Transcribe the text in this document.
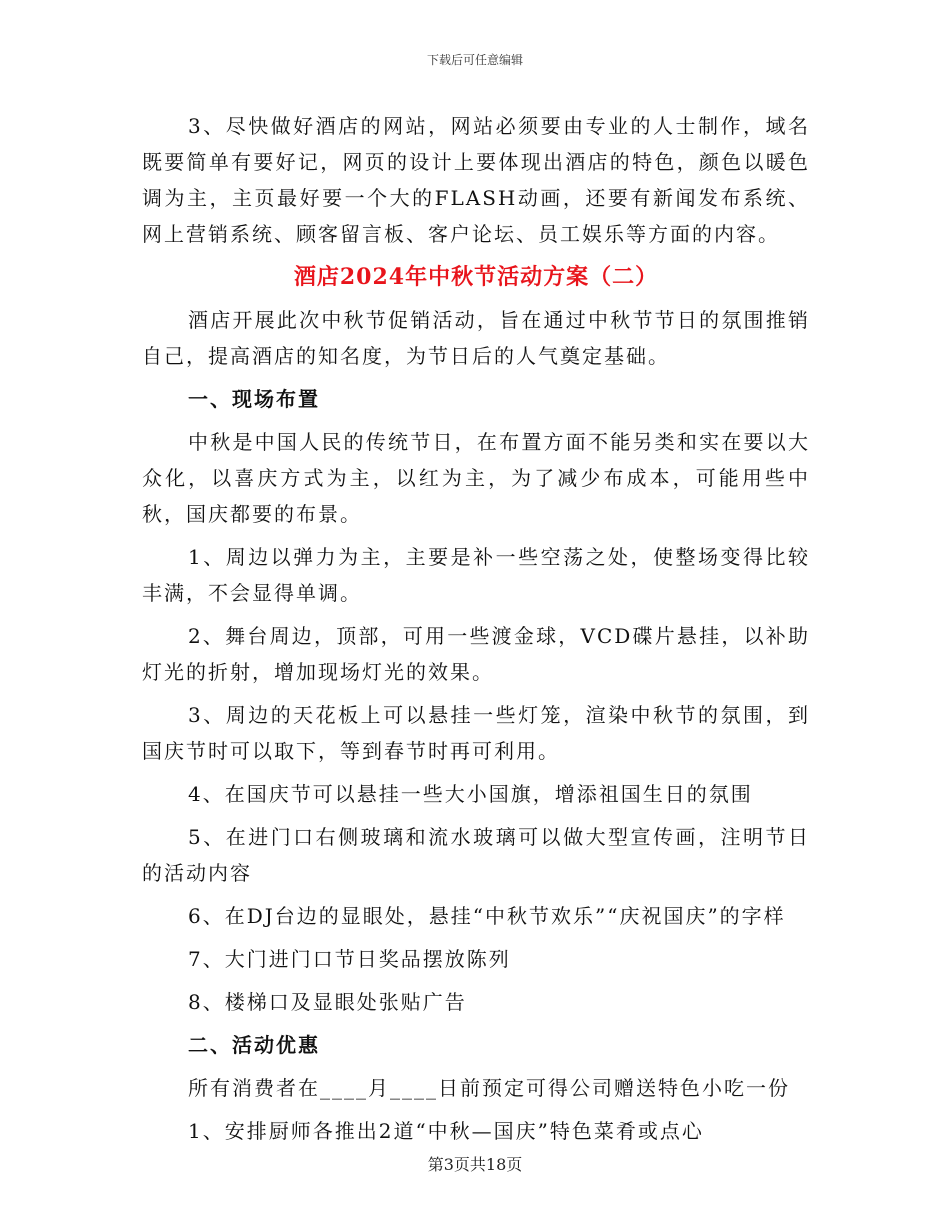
下载后可任意编辑

3、尽快做好酒店的网站，网站必须要由专业的人士制作，域名既要简单有要好记，网页的设计上要体现出酒店的特色，颜色以暖色调为主，主页最好要一个大的FLASH动画，还要有新闻发布系统、网上营销系统、顾客留言板、客户论坛、员工娱乐等方面的内容。

酒店2024年中秋节活动方案（二）

酒店开展此次中秋节促销活动，旨在通过中秋节节日的氛围推销自己，提高酒店的知名度，为节日后的人气奠定基础。

一、现场布置

中秋是中国人民的传统节日，在布置方面不能另类和实在要以大众化，以喜庆方式为主，以红为主，为了减少布成本，可能用些中秋，国庆都要的布景。

1、周边以弹力为主，主要是补一些空荡之处，使整场变得比较丰满，不会显得单调。

2、舞台周边，顶部，可用一些渡金球，VCD碟片悬挂，以补助灯光的折射，增加现场灯光的效果。

3、周边的天花板上可以悬挂一些灯笼，渲染中秋节的氛围，到国庆节时可以取下，等到春节时再可利用。

4、在国庆节可以悬挂一些大小国旗，增添祖国生日的氛围

5、在进门口右侧玻璃和流水玻璃可以做大型宣传画，注明节日的活动内容

6、在DJ台边的显眼处，悬挂“中秋节欢乐”“庆祝国庆”的字样

7、大门进门口节日奖品摆放陈列

8、楼梯口及显眼处张贴广告

二、活动优惠

所有消费者在____月____日前预定可得公司赠送特色小吃一份

1、安排厨师各推出2道“中秋—国庆”特色菜肴或点心

第3页共18页
